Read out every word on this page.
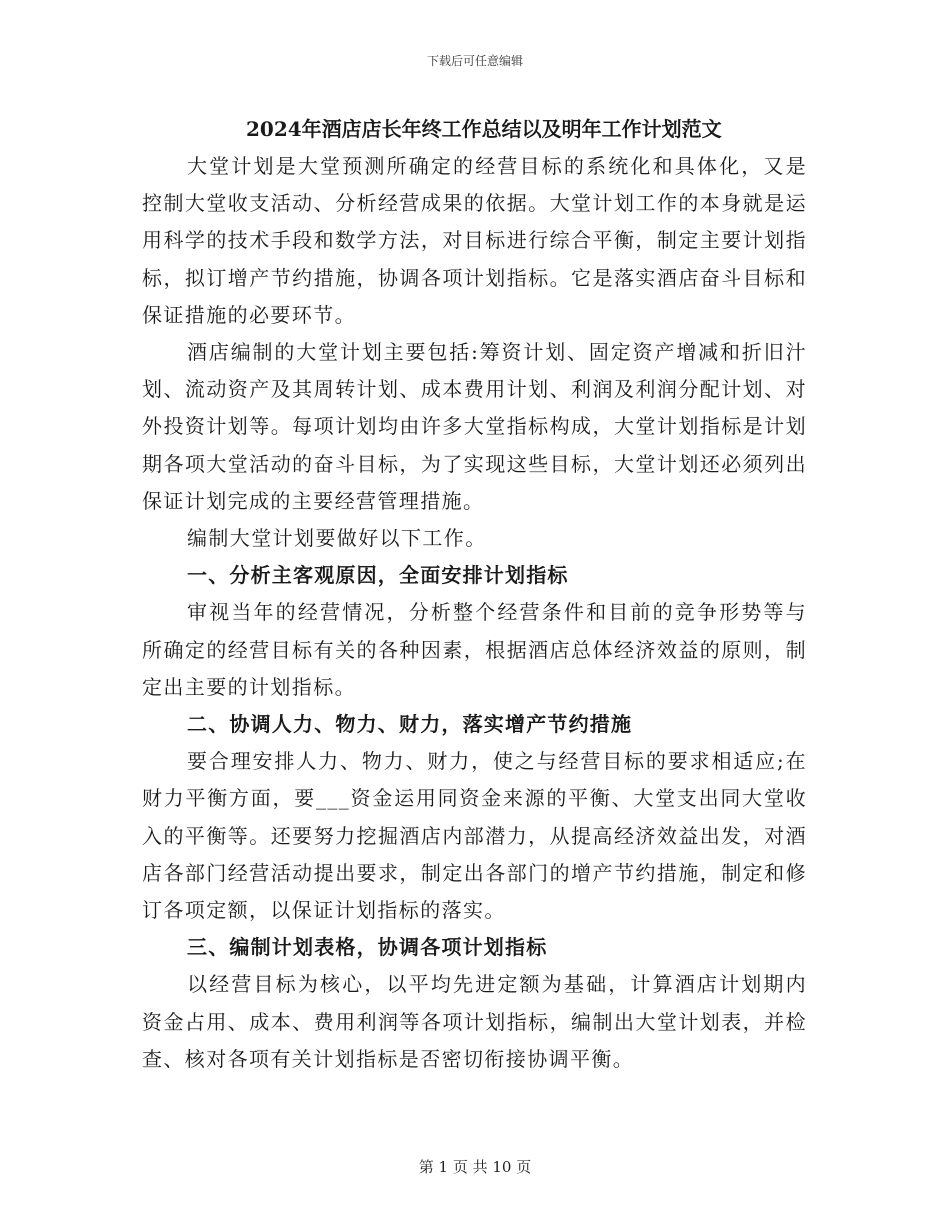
下载后可任意编辑
2024年酒店店长年终工作总结以及明年工作计划范文

大堂计划是大堂预测所确定的经营目标的系统化和具体化，又是控制大堂收支活动、分析经营成果的依据。大堂计划工作的本身就是运用科学的技术手段和数学方法，对目标进行综合平衡，制定主要计划指标，拟订增产节约措施，协调各项计划指标。它是落实酒店奋斗目标和保证措施的必要环节。

酒店编制的大堂计划主要包括:筹资计划、固定资产增减和折旧汁划、流动资产及其周转计划、成本费用计划、利润及利润分配计划、对外投资计划等。每项计划均由许多大堂指标构成，大堂计划指标是计划期各项大堂活动的奋斗目标，为了实现这些目标，大堂计划还必须列出保证计划完成的主要经营管理措施。

编制大堂计划要做好以下工作。

一、分析主客观原因，全面安排计划指标

审视当年的经营情况，分析整个经营条件和目前的竞争形势等与所确定的经营目标有关的各种因素，根据酒店总体经济效益的原则，制定出主要的计划指标。

二、协调人力、物力、财力，落实增产节约措施

要合理安排人力、物力、财力，使之与经营目标的要求相适应;在财力平衡方面，要___资金运用同资金来源的平衡、大堂支出同大堂收入的平衡等。还要努力挖掘酒店内部潜力，从提高经济效益出发，对酒店各部门经营活动提出要求，制定出各部门的增产节约措施，制定和修订各项定额，以保证计划指标的落实。

三、编制计划表格，协调各项计划指标

以经营目标为核心，以平均先进定额为基础，计算酒店计划期内资金占用、成本、费用利润等各项计划指标，编制出大堂计划表，并检查、核对各项有关计划指标是否密切衔接协调平衡。

第 1 页 共 10 页
